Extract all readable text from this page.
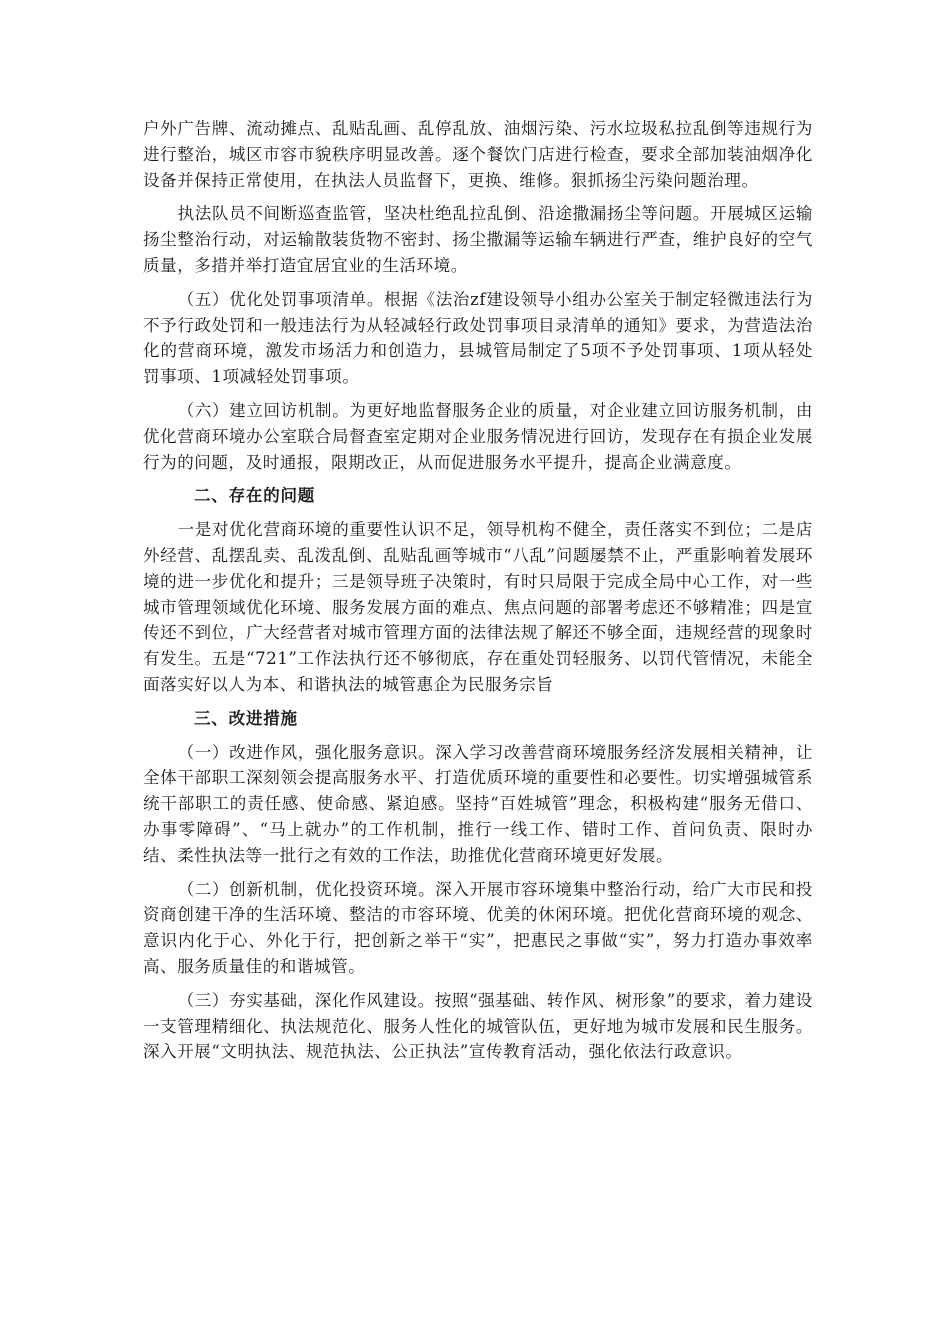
户外广告牌、流动摊点、乱贴乱画、乱停乱放、油烟污染、污水垃圾私拉乱倒等违规行为进行整治，城区市容市貌秩序明显改善。逐个餐饮门店进行检查，要求全部加装油烟净化设备并保持正常使用，在执法人员监督下，更换、维修。狠抓扬尘污染问题治理。

执法队员不间断巡查监管，坚决杜绝乱拉乱倒、沿途撒漏扬尘等问题。开展城区运输扬尘整治行动，对运输散装货物不密封、扬尘撒漏等运输车辆进行严查，维护良好的空气质量，多措并举打造宜居宜业的生活环境。

（五）优化处罚事项清单。根据《法治zf建设领导小组办公室关于制定轻微违法行为不予行政处罚和一般违法行为从轻减轻行政处罚事项目录清单的通知》要求，为营造法治化的营商环境，激发市场活力和创造力，县城管局制定了5项不予处罚事项、1项从轻处罚事项、1项减轻处罚事项。

（六）建立回访机制。为更好地监督服务企业的质量，对企业建立回访服务机制，由优化营商环境办公室联合局督查室定期对企业服务情况进行回访，发现存在有损企业发展行为的问题，及时通报，限期改正，从而促进服务水平提升，提高企业满意度。

二、存在的问题

一是对优化营商环境的重要性认识不足，领导机构不健全，责任落实不到位；二是店外经营、乱摆乱卖、乱泼乱倒、乱贴乱画等城市“八乱”问题屡禁不止，严重影响着发展环境的进一步优化和提升；三是领导班子决策时，有时只局限于完成全局中心工作，对一些城市管理领域优化环境、服务发展方面的难点、焦点问题的部署考虑还不够精准；四是宣传还不到位，广大经营者对城市管理方面的法律法规了解还不够全面，违规经营的现象时有发生。五是“721”工作法执行还不够彻底，存在重处罚轻服务、以罚代管情况，未能全面落实好以人为本、和谐执法的城管惠企为民服务宗旨

三、改进措施

（一）改进作风，强化服务意识。深入学习改善营商环境服务经济发展相关精神，让全体干部职工深刻领会提高服务水平、打造优质环境的重要性和必要性。切实增强城管系统干部职工的责任感、使命感、紧迫感。坚持“百姓城管”理念，积极构建“服务无借口、办事零障碍”、“马上就办”的工作机制，推行一线工作、错时工作、首问负责、限时办结、柔性执法等一批行之有效的工作法，助推优化营商环境更好发展。

（二）创新机制，优化投资环境。深入开展市容环境集中整治行动，给广大市民和投资商创建干净的生活环境、整洁的市容环境、优美的休闲环境。把优化营商环境的观念、意识内化于心、外化于行，把创新之举干“实”，把惠民之事做“实”，努力打造办事效率高、服务质量佳的和谐城管。

（三）夯实基础，深化作风建设。按照“强基础、转作风、树形象”的要求，着力建设一支管理精细化、执法规范化、服务人性化的城管队伍，更好地为城市发展和民生服务。深入开展“文明执法、规范执法、公正执法”宣传教育活动，强化依法行政意识。
